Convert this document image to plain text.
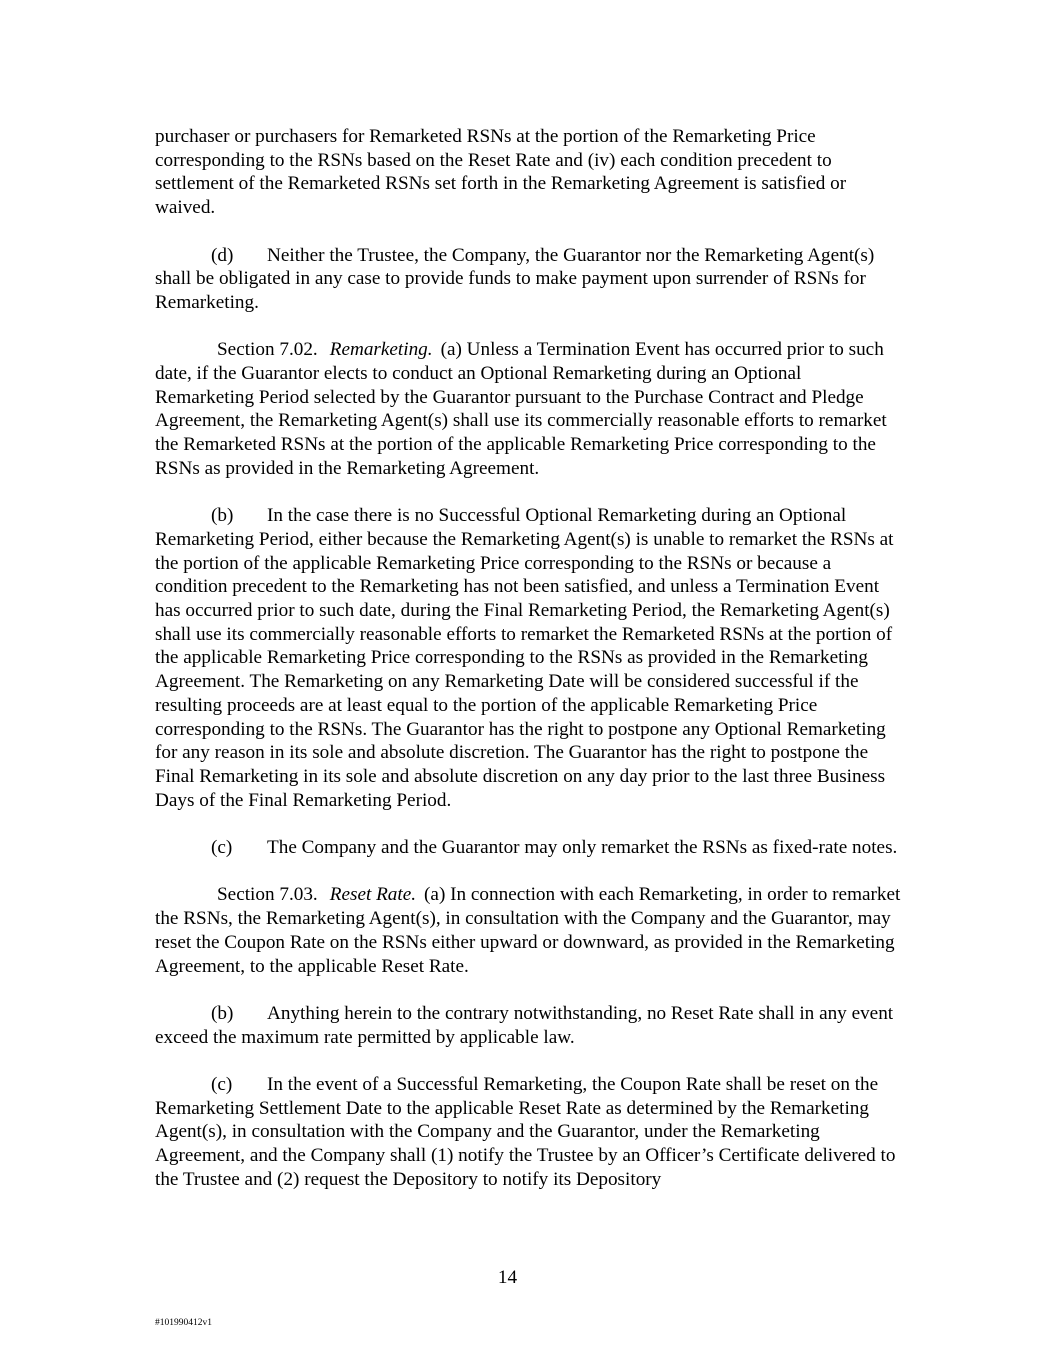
purchaser or purchasers for Remarketed RSNs at the portion of the Remarketing Price corresponding to the RSNs based on the Reset Rate and (iv) each condition precedent to settlement of the Remarketed RSNs set forth in the Remarketing Agreement is satisfied or waived.

(d) Neither the Trustee, the Company, the Guarantor nor the Remarketing Agent(s) shall be obligated in any case to provide funds to make payment upon surrender of RSNs for Remarketing.

Section 7.02. Remarketing. (a) Unless a Termination Event has occurred prior to such date, if the Guarantor elects to conduct an Optional Remarketing during an Optional Remarketing Period selected by the Guarantor pursuant to the Purchase Contract and Pledge Agreement, the Remarketing Agent(s) shall use its commercially reasonable efforts to remarket the Remarketed RSNs at the portion of the applicable Remarketing Price corresponding to the RSNs as provided in the Remarketing Agreement.

(b) In the case there is no Successful Optional Remarketing during an Optional Remarketing Period, either because the Remarketing Agent(s) is unable to remarket the RSNs at the portion of the applicable Remarketing Price corresponding to the RSNs or because a condition precedent to the Remarketing has not been satisfied, and unless a Termination Event has occurred prior to such date, during the Final Remarketing Period, the Remarketing Agent(s) shall use its commercially reasonable efforts to remarket the Remarketed RSNs at the portion of the applicable Remarketing Price corresponding to the RSNs as provided in the Remarketing Agreement. The Remarketing on any Remarketing Date will be considered successful if the resulting proceeds are at least equal to the portion of the applicable Remarketing Price corresponding to the RSNs. The Guarantor has the right to postpone any Optional Remarketing for any reason in its sole and absolute discretion. The Guarantor has the right to postpone the Final Remarketing in its sole and absolute discretion on any day prior to the last three Business Days of the Final Remarketing Period.

(c) The Company and the Guarantor may only remarket the RSNs as fixed-rate notes.

Section 7.03. Reset Rate. (a) In connection with each Remarketing, in order to remarket the RSNs, the Remarketing Agent(s), in consultation with the Company and the Guarantor, may reset the Coupon Rate on the RSNs either upward or downward, as provided in the Remarketing Agreement, to the applicable Reset Rate.

(b) Anything herein to the contrary notwithstanding, no Reset Rate shall in any event exceed the maximum rate permitted by applicable law.

(c) In the event of a Successful Remarketing, the Coupon Rate shall be reset on the Remarketing Settlement Date to the applicable Reset Rate as determined by the Remarketing Agent(s), in consultation with the Company and the Guarantor, under the Remarketing Agreement, and the Company shall (1) notify the Trustee by an Officer’s Certificate delivered to the Trustee and (2) request the Depository to notify its Depository

14
#101990412v1
